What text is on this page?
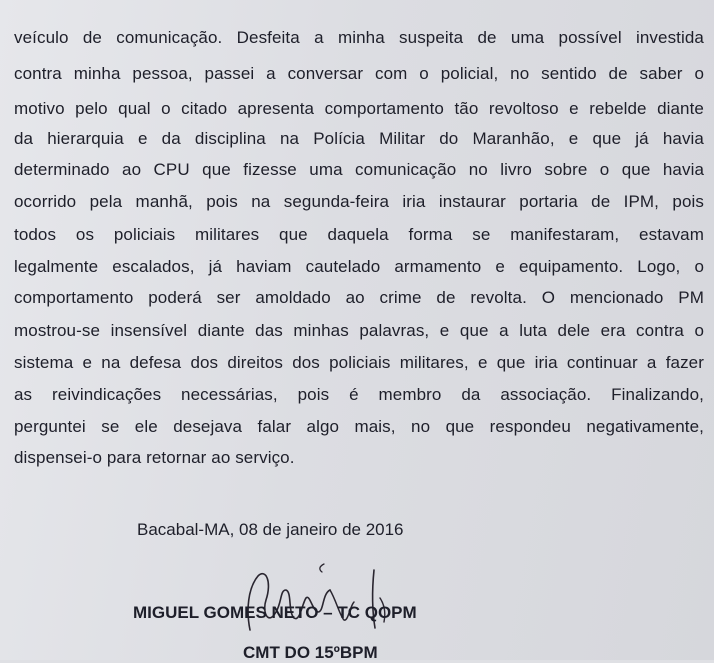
veículo de comunicação. Desfeita a minha suspeita de uma possível investida
contra minha pessoa, passei a conversar com o policial, no sentido de saber o
motivo pelo qual o citado apresenta comportamento tão revoltoso e rebelde diante
da hierarquia e da disciplina na Polícia Militar do Maranhão, e que já havia
determinado ao CPU que fizesse uma comunicação no livro sobre o que havia
ocorrido pela manhã, pois na segunda-feira iria instaurar portaria de IPM, pois
todos os policiais militares que daquela forma se manifestaram, estavam
legalmente escalados, já haviam cautelado armamento e equipamento. Logo, o
comportamento poderá ser amoldado ao crime de revolta. O mencionado PM
mostrou-se insensível diante das minhas palavras, e que a luta dele era contra o
sistema e na defesa dos direitos dos policiais militares, e que iria continuar a fazer
as reivindicações necessárias, pois é membro da associação. Finalizando,
perguntei se ele desejava falar algo mais, no que respondeu negativamente,
dispensei-o para retornar ao serviço.
Bacabal-MA, 08 de janeiro de 2016
MIGUEL GOMES NETO – TC QOPM
CMT DO 15ºBPM
